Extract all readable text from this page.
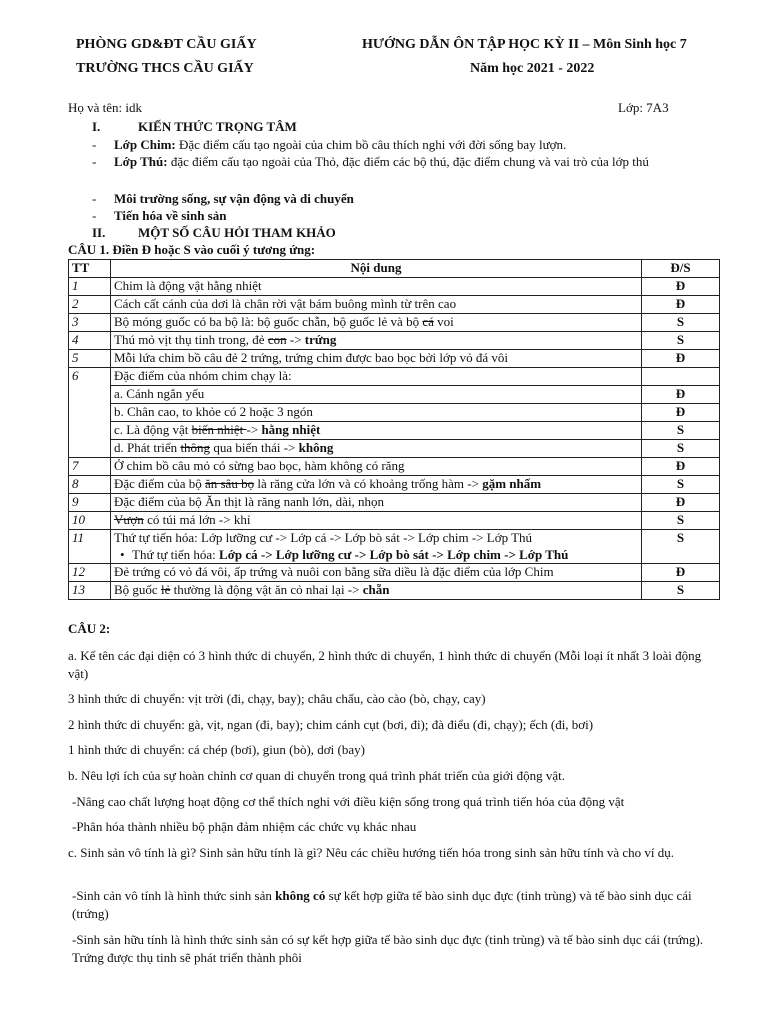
PHÒNG GD&ĐT CẦU GIẤY
TRƯỜNG THCS CẦU GIẤY
HƯỚNG DẪN ÔN TẬP HỌC KỲ II – Môn Sinh học 7
Năm học 2021 - 2022
Họ và tên: idk	Lớp: 7A3
I.	KIẾN THỨC TRỌNG TÂM
-	Lớp Chim: Đặc điểm cấu tạo ngoài của chim bồ câu thích nghi với đời sống bay lượn.
-	Lớp Thú: đặc điểm cấu tạo ngoài của Thỏ, đặc điểm các bộ thú, đặc điểm chung và vai trò của lớp thú
-	Môi trường sống, sự vận động và di chuyển
-	Tiến hóa về sinh sản
II.	MỘT SỐ CÂU HỎI THAM KHẢO
CÂU 1. Điền Đ hoặc S vào cuối ý tương ứng:
TT	Nội dung	Đ/S
1	Chim là động vật hằng nhiệt	Đ
2	Cách cất cánh của dơi là chân rời vật bám buông mình từ trên cao	Đ
3	Bộ móng guốc có ba bộ là: bộ guốc chẵn, bộ guốc lẻ và bộ cá voi	S
4	Thú mỏ vịt thụ tinh trong, đẻ con -> trứng	S
5	Mỗi lứa chim bồ câu đẻ 2 trứng, trứng chim được bao bọc bởi lớp vỏ đá vôi	Đ
6	Đặc điểm của nhóm chim chạy là:	
	a. Cánh ngắn yếu	Đ
	b. Chân cao, to khỏe có 2 hoặc 3 ngón	Đ
	c. Là động vật biến nhiệt -> hằng nhiệt	S
	d. Phát triển thông qua biến thái -> không	S
7	Ở chim bồ câu mỏ có sừng bao bọc, hàm không có răng	Đ
8	Đặc điểm của bộ ăn sâu bọ là răng cửa lớn và có khoảng trống hàm -> gặm nhấm	S
9	Đặc điểm của bộ Ăn thịt là răng nanh lớn, dài, nhọn	Đ
10	Vượn có túi má lớn -> khỉ	S
11	Thứ tự tiến hóa: Lớp lưỡng cư -> Lớp cá -> Lớp bò sát -> Lớp chim -> Lớp Thú
• Thứ tự tiến hóa: Lớp cá -> Lớp lưỡng cư -> Lớp bò sát -> Lớp chim -> Lớp Thú	S
12	Đẻ trứng có vỏ đá vôi, ấp trứng và nuôi con bằng sữa diều là đặc điểm của lớp Chim	Đ
13	Bộ guốc lẻ thường là động vật ăn cỏ nhai lại -> chẵn	S
CÂU 2:
a. Kể tên các đại diện có 3 hình thức di chuyển, 2 hình thức di chuyển, 1 hình thức di chuyển (Mỗi loại ít nhất 3 loài động vật)
3 hình thức di chuyển: vịt trời (đi, chạy, bay); châu chấu, cào cào (bò, chạy, cay)
2 hình thức di chuyển: gà, vịt, ngan (đi, bay); chim cánh cụt (bơi, đi); đà điểu (đi, chạy); ếch (đi, bơi)
1 hình thức di chuyển: cá chép (bơi), giun (bò), dơi (bay)
b. Nêu lợi ích của sự hoàn chỉnh cơ quan di chuyển trong quá trình phát triển của giới động vật.
-Nâng cao chất lượng hoạt động cơ thể thích nghi với điều kiện sống trong quá trình tiến hóa của động vật
-Phân hóa thành nhiều bộ phận đảm nhiệm các chức vụ khác nhau
c. Sinh sản vô tính là gì? Sinh sản hữu tính là gì? Nêu các chiều hướng tiến hóa trong sinh sản hữu tính và cho ví dụ.
-Sinh cản vô tính là hình thức sinh sản không có sự kết hợp giữa tế bào sinh dục đực (tinh trùng) và tế bào sinh dục cái (trứng)
-Sinh sản hữu tính là hình thức sinh sản có sự kết hợp giữa tế bào sinh dục đực (tinh trùng) và tế bào sinh dục cái (trứng). Trứng được thụ tinh sẽ phát triển thành phôi
